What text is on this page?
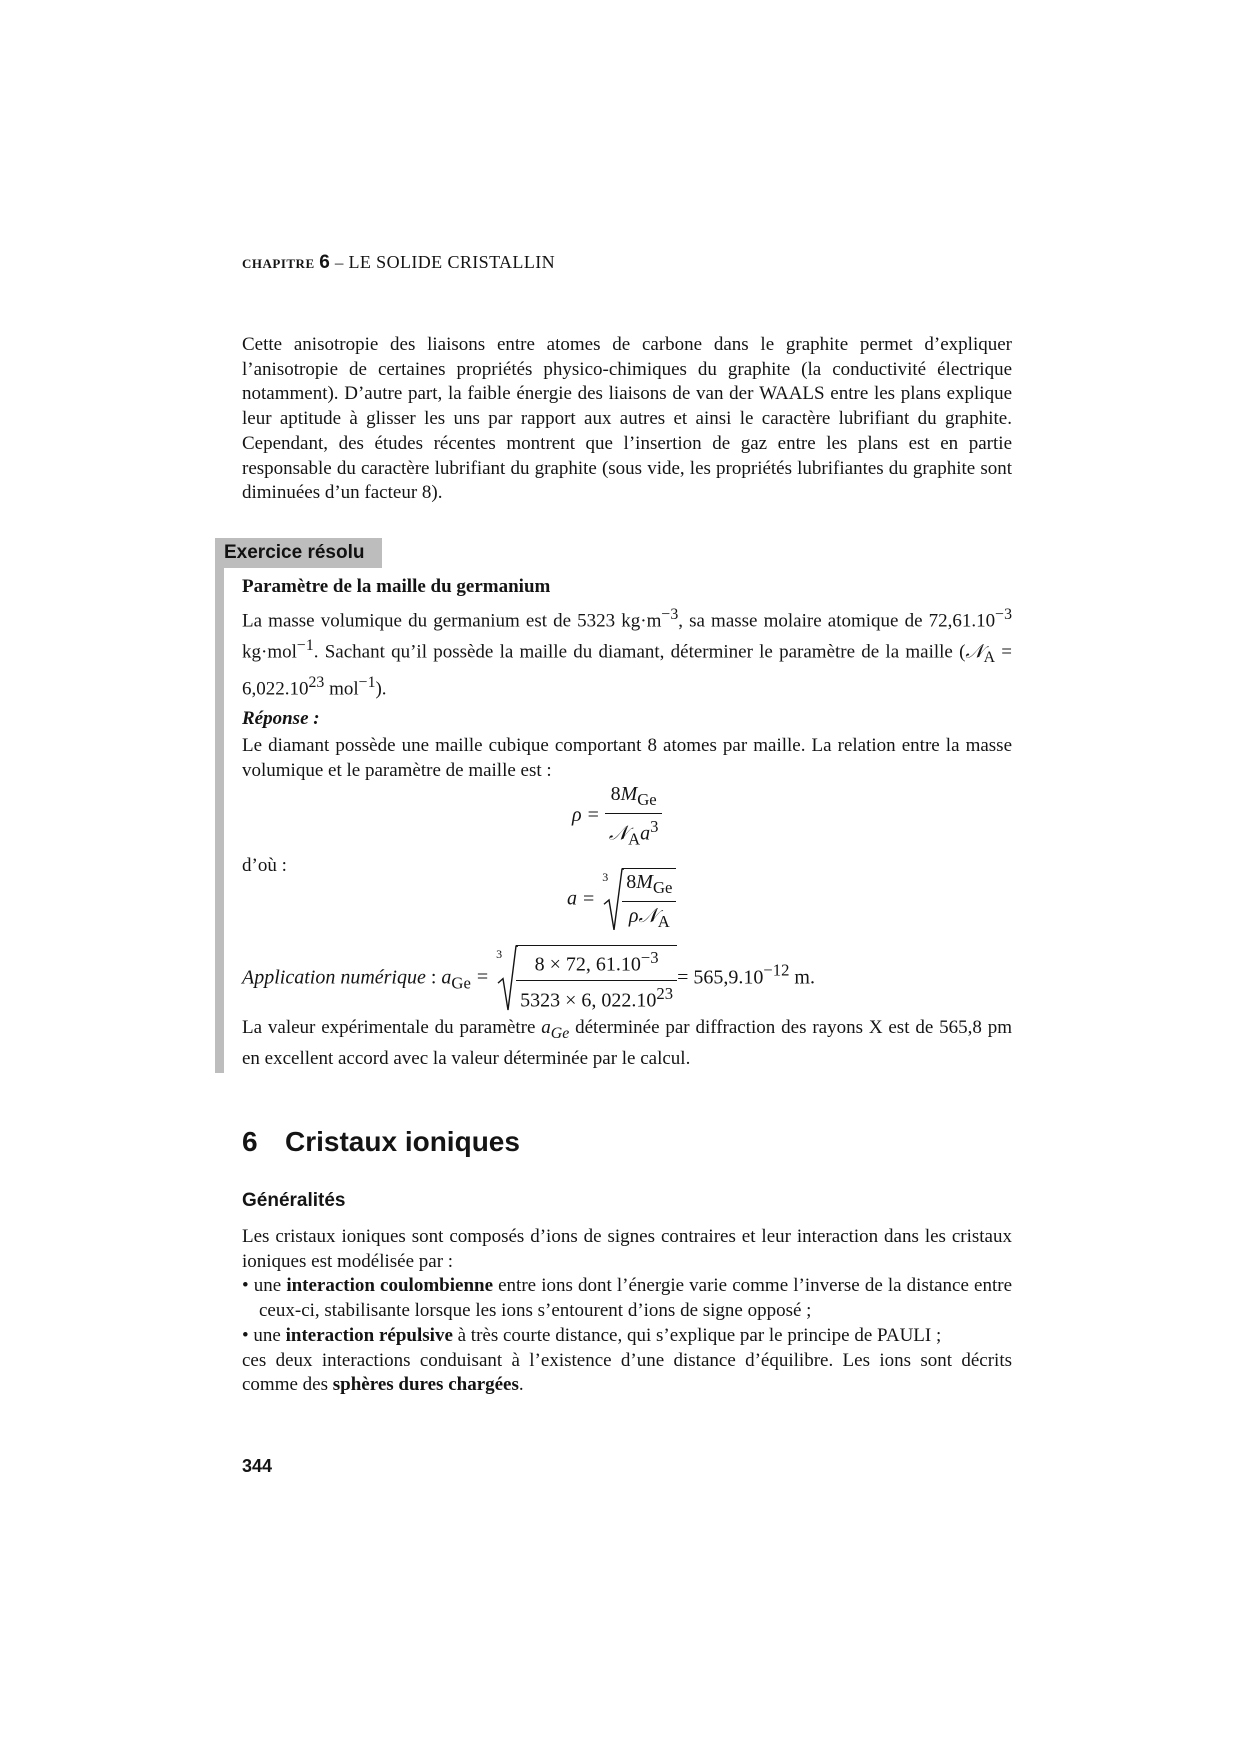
CHAPITRE 6 – LE SOLIDE CRISTALLIN
Cette anisotropie des liaisons entre atomes de carbone dans le graphite permet d’expliquer l’anisotropie de certaines propriétés physico-chimiques du graphite (la conductivité électrique notamment). D’autre part, la faible énergie des liaisons de van der WAALS entre les plans explique leur aptitude à glisser les uns par rapport aux autres et ainsi le caractère lubrifiant du graphite. Cependant, des études récentes montrent que l’insertion de gaz entre les plans est en partie responsable du caractère lubrifiant du graphite (sous vide, les propriétés lubrifiantes du graphite sont diminuées d’un facteur 8).
Exercice résolu

Paramètre de la maille du germanium

La masse volumique du germanium est de 5323 $kg\cdot m^{-3}$, sa masse molaire atomique de $72,61.10^{-3}$ kg·mol$^{-1}$. Sachant qu’il possède la maille du diamant, déterminer le paramètre de la maille (𝒩$_A$ = $6,022.10^{23}$ mol$^{-1}$).

Réponse :

Le diamant possède une maille cubique comportant 8 atomes par maille. La relation entre la masse volumique et le paramètre de maille est :

$\rho = \frac{8M_{Ge}}{𝒩_Aa^3}$
d’où :
a =
$3 \frac{8M_{Ge}}{\rho 𝒩_A}$
Application numérique : $a_{Ge}$ =
$3 \frac{8 \times 72, 61.10^{-3}}{5323 \times 6, 022.10^{23}} = 565,9.10^{-12}$ m.

La valeur expérimentale du paramètre $a_{Ge}$ déterminée par diffraction des rayons X est de 565,8 pm en excellent accord avec la valeur déterminée par le calcul.

6 Cristaux ioniques
Généralités

Les cristaux ioniques sont composés d’ions de signes contraires et leur interaction dans les cristaux ioniques est modélisée par :

• une interaction coulombienne entre ions dont l’énergie varie comme l’inverse de la distance entre ceux-ci, stabilisante lorsque les ions s’entourent d’ions de signe opposé ;

• une interaction répulsive à très courte distance, qui s’explique par le principe de PAULI ;

ces deux interactions conduisant à l’existence d’une distance d’équilibre. Les ions sont décrits comme des sphères dures chargées.

344
